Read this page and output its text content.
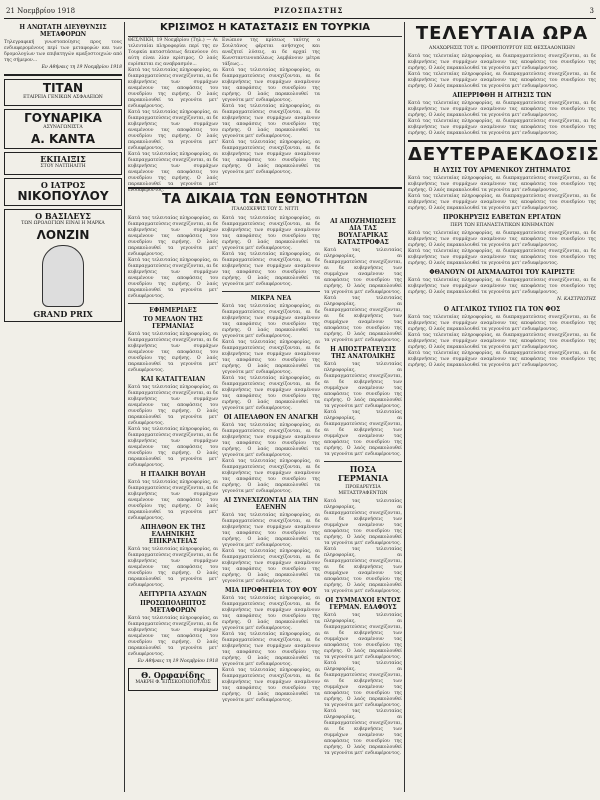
21 Νοεμβρίου 1918	ΡΙΖΟΣΠΑΣΤΗΣ	3
Η ΑΝΩΤΑΤΗ ΔΙΕΥΘΥΝΣΙΣ ΜΕΤΑΦΟΡΩΝ
Τηλεγραφική γνωστοποίησις προς τους ενδιαφερομένους περί των μεταφορών και των δρομολογίων των επιβατηγών αμαξοστοιχιών από της σήμερον...
Εν Αθήναις τη 19 Νοεμβρίου 1918
ΤΙΤΑΝ
ΕΤΑΙΡΕΙΑ ΓΕΝΙΚΩΝ ΑΣΦΑΛΕΙΩΝ
ΓΟΥΝΑΡΙΚΑ
ΑΣΥΝΑΓΩΝΙΣΤΑ
Α. ΚΑΝΤΑ
ΕΚΠΑΙΞΙΣ
ΣΤΟΥ ΝΑΤΠΗΛΙΤΗ
Ο ΙΑΤΡΟΣ
ΝΙΚΟΠΟΥΛΟΥ
Ο ΒΑΣΙΛΕΥΣ
ΤΩΝ ΩΡΟΛΟΓΙΩΝ ΕΙΝΑΙ Η ΜΑΡΚΑ
ΛΟΝΖΙΝ
GRAND PRIX
ΚΡΙΣΙΜΟΣ Η ΚΑΤΑΣΤΑΣΙΣ ΕΝ ΤΟΥΡΚΙΑ
ΘΕΣ/ΝΙΚΗ, 19 Νοεμβρίου (Τηλ.) — Αι τελευταίαι πληροφορίαι περί της εν Τουρκία καταστάσεως δεικνύουν ότι αύτη είναι λίαν κρίσιμος. Ο λαός ευρίσκεται εις αναβρασμόν...
Κατά τας τελευταίας πληροφορίας, αι διαπραγματεύσεις συνεχίζονται, αι δε κυβερνήσεις των συμμάχων αναμένουν τας αποφάσεις του συνεδρίου της ειρήνης. Ο λαός παρακολουθεί τα γεγονότα μετ' ενδιαφέροντος.
Κατά τας τελευταίας πληροφορίας, αι διαπραγματεύσεις συνεχίζονται, αι δε κυβερνήσεις των συμμάχων αναμένουν τας αποφάσεις του συνεδρίου της ειρήνης. Ο λαός παρακολουθεί τα γεγονότα μετ' ενδιαφέροντος.
Κατά τας τελευταίας πληροφορίας, αι διαπραγματεύσεις συνεχίζονται, αι δε κυβερνήσεις των συμμάχων αναμένουν τας αποφάσεις του συνεδρίου της ειρήνης. Ο λαός παρακολουθεί τα γεγονότα μετ' ενδιαφέροντος.
Ενώπιον της κρίσεως ταύτης ο Σουλτάνος φέρεται ανήσυχος και αναζητεί λύσεις, αι δε αρχαί της Κωνσταντινουπόλεως λαμβάνουν μέτρα τάξεως...
Κατά τας τελευταίας πληροφορίας, αι διαπραγματεύσεις συνεχίζονται, αι δε κυβερνήσεις των συμμάχων αναμένουν τας αποφάσεις του συνεδρίου της ειρήνης. Ο λαός παρακολουθεί τα γεγονότα μετ' ενδιαφέροντος.
Κατά τας τελευταίας πληροφορίας, αι διαπραγματεύσεις συνεχίζονται, αι δε κυβερνήσεις των συμμάχων αναμένουν τας αποφάσεις του συνεδρίου της ειρήνης. Ο λαός παρακολουθεί τα γεγονότα μετ' ενδιαφέροντος.
Κατά τας τελευταίας πληροφορίας, αι διαπραγματεύσεις συνεχίζονται, αι δε κυβερνήσεις των συμμάχων αναμένουν τας αποφάσεις του συνεδρίου της ειρήνης. Ο λαός παρακολουθεί τα γεγονότα μετ' ενδιαφέροντος.
ΤΑ ΔΙΚΑΙΑ ΤΩΝ ΕΘΝΟΤΗΤΩΝ
ΙΤΑΛΟΣΚΕΨΙΣ ΤΟΥ Σ. ΝΙΤΤΙ
Κατά τας τελευταίας πληροφορίας, αι διαπραγματεύσεις συνεχίζονται, αι δε κυβερνήσεις των συμμάχων αναμένουν τας αποφάσεις του συνεδρίου της ειρήνης. Ο λαός παρακολουθεί τα γεγονότα μετ' ενδιαφέροντος.
Κατά τας τελευταίας πληροφορίας, αι διαπραγματεύσεις συνεχίζονται, αι δε κυβερνήσεις των συμμάχων αναμένουν τας αποφάσεις του συνεδρίου της ειρήνης. Ο λαός παρακολουθεί τα γεγονότα μετ' ενδιαφέροντος.
ΕΦΗΜΕΡΙΔΕΣ
ΤΟ ΜΕΛΛΟΝ ΤΗΣ ΓΕΡΜΑΝΙΑΣ
Κατά τας τελευταίας πληροφορίας, αι διαπραγματεύσεις συνεχίζονται, αι δε κυβερνήσεις των συμμάχων αναμένουν τας αποφάσεις του συνεδρίου της ειρήνης. Ο λαός παρακολουθεί τα γεγονότα μετ' ενδιαφέροντος.
ΚΑΙ ΚΑΤΑΓΓΕΛΙΑΝ
Κατά τας τελευταίας πληροφορίας, αι διαπραγματεύσεις συνεχίζονται, αι δε κυβερνήσεις των συμμάχων αναμένουν τας αποφάσεις του συνεδρίου της ειρήνης. Ο λαός παρακολουθεί τα γεγονότα μετ' ενδιαφέροντος.
Κατά τας τελευταίας πληροφορίας, αι διαπραγματεύσεις συνεχίζονται, αι δε κυβερνήσεις των συμμάχων αναμένουν τας αποφάσεις του συνεδρίου της ειρήνης. Ο λαός παρακολουθεί τα γεγονότα μετ' ενδιαφέροντος.
Η ΙΤΑΛΙΚΗ ΒΟΥΛΗ
Κατά τας τελευταίας πληροφορίας, αι διαπραγματεύσεις συνεχίζονται, αι δε κυβερνήσεις των συμμάχων αναμένουν τας αποφάσεις του συνεδρίου της ειρήνης. Ο λαός παρακολουθεί τα γεγονότα μετ' ενδιαφέροντος.
ΑΠΗΛΘΟΝ ΕΚ ΤΗΣ ΕΛΛΗΝΙΚΗΣ ΕΠΙΚΡΑΤΕΙΑΣ
Κατά τας τελευταίας πληροφορίας, αι διαπραγματεύσεις συνεχίζονται, αι δε κυβερνήσεις των συμμάχων αναμένουν τας αποφάσεις του συνεδρίου της ειρήνης. Ο λαός παρακολουθεί τα γεγονότα μετ' ενδιαφέροντος.
ΛΕΙΤΥΡΓΙΑ ΑΣΥΛΩΝ
ΠΡΟΣΩΠΟΛΗΠΤΟΣ ΜΕΤΑΦΟΡΩΝ
Κατά τας τελευταίας πληροφορίας, αι διαπραγματεύσεις συνεχίζονται, αι δε κυβερνήσεις των συμμάχων αναμένουν τας αποφάσεις του συνεδρίου της ειρήνης. Ο λαός παρακολουθεί τα γεγονότα μετ' ενδιαφέροντος.
Εν Αθήναις τη 19 Νοεμβρίου 1918
Θ. Ορφανίδης
ΜΑΚΡΗ Φ. ΕΠΙΣΚΟΠΟΠΟΥΛΟΣ
Κατά τας τελευταίας πληροφορίας, αι διαπραγματεύσεις συνεχίζονται, αι δε κυβερνήσεις των συμμάχων αναμένουν τας αποφάσεις του συνεδρίου της ειρήνης. Ο λαός παρακολουθεί τα γεγονότα μετ' ενδιαφέροντος.
Κατά τας τελευταίας πληροφορίας, αι διαπραγματεύσεις συνεχίζονται, αι δε κυβερνήσεις των συμμάχων αναμένουν τας αποφάσεις του συνεδρίου της ειρήνης. Ο λαός παρακολουθεί τα γεγονότα μετ' ενδιαφέροντος.
ΜΙΚΡΑ ΝΕΑ
Κατά τας τελευταίας πληροφορίας, αι διαπραγματεύσεις συνεχίζονται, αι δε κυβερνήσεις των συμμάχων αναμένουν τας αποφάσεις του συνεδρίου της ειρήνης. Ο λαός παρακολουθεί τα γεγονότα μετ' ενδιαφέροντος.
Κατά τας τελευταίας πληροφορίας, αι διαπραγματεύσεις συνεχίζονται, αι δε κυβερνήσεις των συμμάχων αναμένουν τας αποφάσεις του συνεδρίου της ειρήνης. Ο λαός παρακολουθεί τα γεγονότα μετ' ενδιαφέροντος.
Κατά τας τελευταίας πληροφορίας, αι διαπραγματεύσεις συνεχίζονται, αι δε κυβερνήσεις των συμμάχων αναμένουν τας αποφάσεις του συνεδρίου της ειρήνης. Ο λαός παρακολουθεί τα γεγονότα μετ' ενδιαφέροντος.
ΟΙ ΑΠΕΛΑΘΟΝ ΕΝ ΑΝΑΓΚΗ
Κατά τας τελευταίας πληροφορίας, αι διαπραγματεύσεις συνεχίζονται, αι δε κυβερνήσεις των συμμάχων αναμένουν τας αποφάσεις του συνεδρίου της ειρήνης. Ο λαός παρακολουθεί τα γεγονότα μετ' ενδιαφέροντος.
Κατά τας τελευταίας πληροφορίας, αι διαπραγματεύσεις συνεχίζονται, αι δε κυβερνήσεις των συμμάχων αναμένουν τας αποφάσεις του συνεδρίου της ειρήνης. Ο λαός παρακολουθεί τα γεγονότα μετ' ενδιαφέροντος.
ΑΙ ΣΥΝΕΧΙΖΟΝΤΑΙ ΔΙΑ ΤΗΝ ΕΛΕΝΗΝ
Κατά τας τελευταίας πληροφορίας, αι διαπραγματεύσεις συνεχίζονται, αι δε κυβερνήσεις των συμμάχων αναμένουν τας αποφάσεις του συνεδρίου της ειρήνης. Ο λαός παρακολουθεί τα γεγονότα μετ' ενδιαφέροντος.
Κατά τας τελευταίας πληροφορίας, αι διαπραγματεύσεις συνεχίζονται, αι δε κυβερνήσεις των συμμάχων αναμένουν τας αποφάσεις του συνεδρίου της ειρήνης. Ο λαός παρακολουθεί τα γεγονότα μετ' ενδιαφέροντος.
ΜΙΑ ΠΡΟΦΗΤΕΙΑ ΤΟΥ ΦΟΥ
Κατά τας τελευταίας πληροφορίας, αι διαπραγματεύσεις συνεχίζονται, αι δε κυβερνήσεις των συμμάχων αναμένουν τας αποφάσεις του συνεδρίου της ειρήνης. Ο λαός παρακολουθεί τα γεγονότα μετ' ενδιαφέροντος.
Κατά τας τελευταίας πληροφορίας, αι διαπραγματεύσεις συνεχίζονται, αι δε κυβερνήσεις των συμμάχων αναμένουν τας αποφάσεις του συνεδρίου της ειρήνης. Ο λαός παρακολουθεί τα γεγονότα μετ' ενδιαφέροντος.
Κατά τας τελευταίας πληροφορίας, αι διαπραγματεύσεις συνεχίζονται, αι δε κυβερνήσεις των συμμάχων αναμένουν τας αποφάσεις του συνεδρίου της ειρήνης. Ο λαός παρακολουθεί τα γεγονότα μετ' ενδιαφέροντος.
ΑΙ ΑΠΟΖΗΜΙΩΣΕΙΣ ΔΙΑ ΤΑΣ ΒΟΥΛΓΑΡΙΚΑΣ ΚΑΤΑΣΤΡΟΦΑΣ
Κατά τας τελευταίας πληροφορίας, αι διαπραγματεύσεις συνεχίζονται, αι δε κυβερνήσεις των συμμάχων αναμένουν τας αποφάσεις του συνεδρίου της ειρήνης. Ο λαός παρακολουθεί τα γεγονότα μετ' ενδιαφέροντος.
Κατά τας τελευταίας πληροφορίας, αι διαπραγματεύσεις συνεχίζονται, αι δε κυβερνήσεις των συμμάχων αναμένουν τας αποφάσεις του συνεδρίου της ειρήνης. Ο λαός παρακολουθεί τα γεγονότα μετ' ενδιαφέροντος.
Η ΑΠΟΣΤΡΑΤΕΥΣΙΣ ΤΗΣ ΑΝΑΤΟΛΙΚΗΣ
Κατά τας τελευταίας πληροφορίας, αι διαπραγματεύσεις συνεχίζονται, αι δε κυβερνήσεις των συμμάχων αναμένουν τας αποφάσεις του συνεδρίου της ειρήνης. Ο λαός παρακολουθεί τα γεγονότα μετ' ενδιαφέροντος.
Κατά τας τελευταίας πληροφορίας, αι διαπραγματεύσεις συνεχίζονται, αι δε κυβερνήσεις των συμμάχων αναμένουν τας αποφάσεις του συνεδρίου της ειρήνης. Ο λαός παρακολουθεί τα γεγονότα μετ' ενδιαφέροντος.
ΠΟΣΑ ΓΕΡΜΑΝΙΑ
ΠΡΟΕΔΡΕΥΣΙΑ ΜΕΤΑΣΤΡΑΦΕΝΤΩΝ
Κατά τας τελευταίας πληροφορίας, αι διαπραγματεύσεις συνεχίζονται, αι δε κυβερνήσεις των συμμάχων αναμένουν τας αποφάσεις του συνεδρίου της ειρήνης. Ο λαός παρακολουθεί τα γεγονότα μετ' ενδιαφέροντος.
Κατά τας τελευταίας πληροφορίας, αι διαπραγματεύσεις συνεχίζονται, αι δε κυβερνήσεις των συμμάχων αναμένουν τας αποφάσεις του συνεδρίου της ειρήνης. Ο λαός παρακολουθεί τα γεγονότα μετ' ενδιαφέροντος.
ΟΙ ΣΥΜΜΑΧΟΙ ΕΝΤΟΣ ΓΕΡΜΑΝ. ΕΔΑΦΟΥΣ
Κατά τας τελευταίας πληροφορίας, αι διαπραγματεύσεις συνεχίζονται, αι δε κυβερνήσεις των συμμάχων αναμένουν τας αποφάσεις του συνεδρίου της ειρήνης. Ο λαός παρακολουθεί τα γεγονότα μετ' ενδιαφέροντος.
Κατά τας τελευταίας πληροφορίας, αι διαπραγματεύσεις συνεχίζονται, αι δε κυβερνήσεις των συμμάχων αναμένουν τας αποφάσεις του συνεδρίου της ειρήνης. Ο λαός παρακολουθεί τα γεγονότα μετ' ενδιαφέροντος.
Κατά τας τελευταίας πληροφορίας, αι διαπραγματεύσεις συνεχίζονται, αι δε κυβερνήσεις των συμμάχων αναμένουν τας αποφάσεις του συνεδρίου της ειρήνης. Ο λαός παρακολουθεί τα γεγονότα μετ' ενδιαφέροντος.
ΤΕΛΕΥΤΑΙΑ ΩΡΑ
ΑΝΑΧΩΡΗΣΙΣ ΤΟΥ κ. ΠΡΟΘΥΠΟΥΡΓΟΥ ΕΙΣ ΘΕΣΣΑΛΟΝΙΚΗΝ
Κατά τας τελευταίας πληροφορίας, αι διαπραγματεύσεις συνεχίζονται, αι δε κυβερνήσεις των συμμάχων αναμένουν τας αποφάσεις του συνεδρίου της ειρήνης. Ο λαός παρακολουθεί τα γεγονότα μετ' ενδιαφέροντος.
Κατά τας τελευταίας πληροφορίας, αι διαπραγματεύσεις συνεχίζονται, αι δε κυβερνήσεις των συμμάχων αναμένουν τας αποφάσεις του συνεδρίου της ειρήνης. Ο λαός παρακολουθεί τα γεγονότα μετ' ενδιαφέροντος.
ΑΠΕΡΡΙΦΘΗ Η ΑΙΤΗΣΙΣ ΤΩΝ
Κατά τας τελευταίας πληροφορίας, αι διαπραγματεύσεις συνεχίζονται, αι δε κυβερνήσεις των συμμάχων αναμένουν τας αποφάσεις του συνεδρίου της ειρήνης. Ο λαός παρακολουθεί τα γεγονότα μετ' ενδιαφέροντος.
Κατά τας τελευταίας πληροφορίας, αι διαπραγματεύσεις συνεχίζονται, αι δε κυβερνήσεις των συμμάχων αναμένουν τας αποφάσεις του συνεδρίου της ειρήνης. Ο λαός παρακολουθεί τα γεγονότα μετ' ενδιαφέροντος.
ΔΕΥΤΕΡΑΕΚΔΟΣΙΣ
Η ΛΥΣΙΣ ΤΟΥ ΑΡΜΕΝΙΚΟΥ ΖΗΤΗΜΑΤΟΣ
Κατά τας τελευταίας πληροφορίας, αι διαπραγματεύσεις συνεχίζονται, αι δε κυβερνήσεις των συμμάχων αναμένουν τας αποφάσεις του συνεδρίου της ειρήνης. Ο λαός παρακολουθεί τα γεγονότα μετ' ενδιαφέροντος.
Κατά τας τελευταίας πληροφορίας, αι διαπραγματεύσεις συνεχίζονται, αι δε κυβερνήσεις των συμμάχων αναμένουν τας αποφάσεις του συνεδρίου της ειρήνης. Ο λαός παρακολουθεί τα γεγονότα μετ' ενδιαφέροντος.
ΠΡΟΚΗΡΥΞΙΣ ΕΛΒΕΤΩΝ ΕΡΓΑΤΩΝ
ΠΕΡΙ ΤΩΝ ΕΠΑΝΑΣΤΑΤΙΚΩΝ ΚΙΝΗΜΑΤΩΝ
Κατά τας τελευταίας πληροφορίας, αι διαπραγματεύσεις συνεχίζονται, αι δε κυβερνήσεις των συμμάχων αναμένουν τας αποφάσεις του συνεδρίου της ειρήνης. Ο λαός παρακολουθεί τα γεγονότα μετ' ενδιαφέροντος.
Κατά τας τελευταίας πληροφορίας, αι διαπραγματεύσεις συνεχίζονται, αι δε κυβερνήσεις των συμμάχων αναμένουν τας αποφάσεις του συνεδρίου της ειρήνης. Ο λαός παρακολουθεί τα γεγονότα μετ' ενδιαφέροντος.
ΦΘΑΝΟΥΝ ΟΙ ΑΙΧΜΑΛΩΤΟΙ ΤΟΥ ΚΑΙΡΙΣΤΕ
Κατά τας τελευταίας πληροφορίας, αι διαπραγματεύσεις συνεχίζονται, αι δε κυβερνήσεις των συμμάχων αναμένουν τας αποφάσεις του συνεδρίου της ειρήνης. Ο λαός παρακολουθεί τα γεγονότα μετ' ενδιαφέροντος.
Ν. ΚΑΣΤΡΙΩΤΗΣ
Ο ΑΓΓΛΙΚΟΣ ΤΥΠΟΣ ΓΙΑ ΤΟΝ ΦΟΣ
Κατά τας τελευταίας πληροφορίας, αι διαπραγματεύσεις συνεχίζονται, αι δε κυβερνήσεις των συμμάχων αναμένουν τας αποφάσεις του συνεδρίου της ειρήνης. Ο λαός παρακολουθεί τα γεγονότα μετ' ενδιαφέροντος.
Κατά τας τελευταίας πληροφορίας, αι διαπραγματεύσεις συνεχίζονται, αι δε κυβερνήσεις των συμμάχων αναμένουν τας αποφάσεις του συνεδρίου της ειρήνης. Ο λαός παρακολουθεί τα γεγονότα μετ' ενδιαφέροντος.
Κατά τας τελευταίας πληροφορίας, αι διαπραγματεύσεις συνεχίζονται, αι δε κυβερνήσεις των συμμάχων αναμένουν τας αποφάσεις του συνεδρίου της ειρήνης. Ο λαός παρακολουθεί τα γεγονότα μετ' ενδιαφέροντος.
